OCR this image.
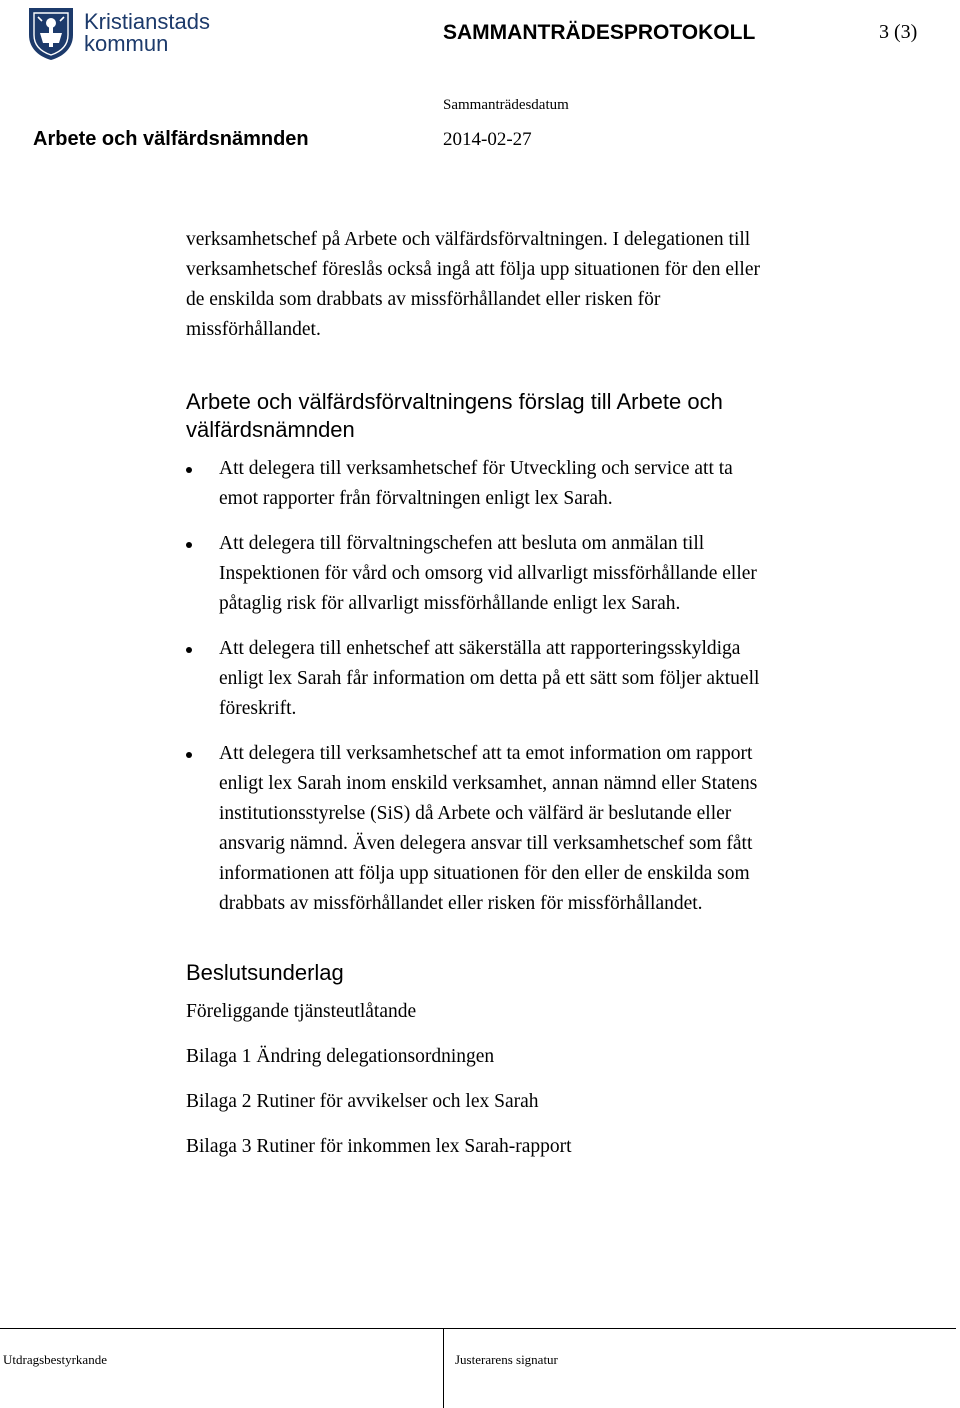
Kristianstads
kommun	SAMMANTRÄDESPROTOKOLL	3 (3)
Sammanträdesdatum
Arbete och välfärdsnämnden	2014-02-27

verksamhetschef på Arbete och välfärdsförvaltningen. I delegationen till

verksamhetschef föreslås också ingå att följa upp situationen för den eller

de enskilda som drabbats av missförhållandet eller risken för

missförhållandet.

Arbete och välfärdsförvaltningens förslag till Arbete och
välfärdsnämnden

Att delegera till verksamhetschef för Utveckling och service att ta

emot rapporter från förvaltningen enligt lex Sarah.

Att delegera till förvaltningschefen att besluta om anmälan till

Inspektionen för vård och omsorg vid allvarligt missförhållande eller

påtaglig risk för allvarligt missförhållande enligt lex Sarah.

Att delegera till enhetschef att säkerställa att rapporteringsskyldiga

enligt lex Sarah får information om detta på ett sätt som följer aktuell

föreskrift.

Att delegera till verksamhetschef att ta emot information om rapport

enligt lex Sarah inom enskild verksamhet, annan nämnd eller Statens

institutionsstyrelse (SiS) då Arbete och välfärd är beslutande eller

ansvarig nämnd. Även delegera ansvar till verksamhetschef som fått

informationen att följa upp situationen för den eller de enskilda som

drabbats av missförhållandet eller risken för missförhållandet.

Beslutsunderlag

Föreliggande tjänsteutlåtande

Bilaga 1 Ändring delegationsordningen

Bilaga 2 Rutiner för avvikelser och lex Sarah

Bilaga 3 Rutiner för inkommen lex Sarah-rapport

Utdragsbestyrkande	Justerarens signatur
